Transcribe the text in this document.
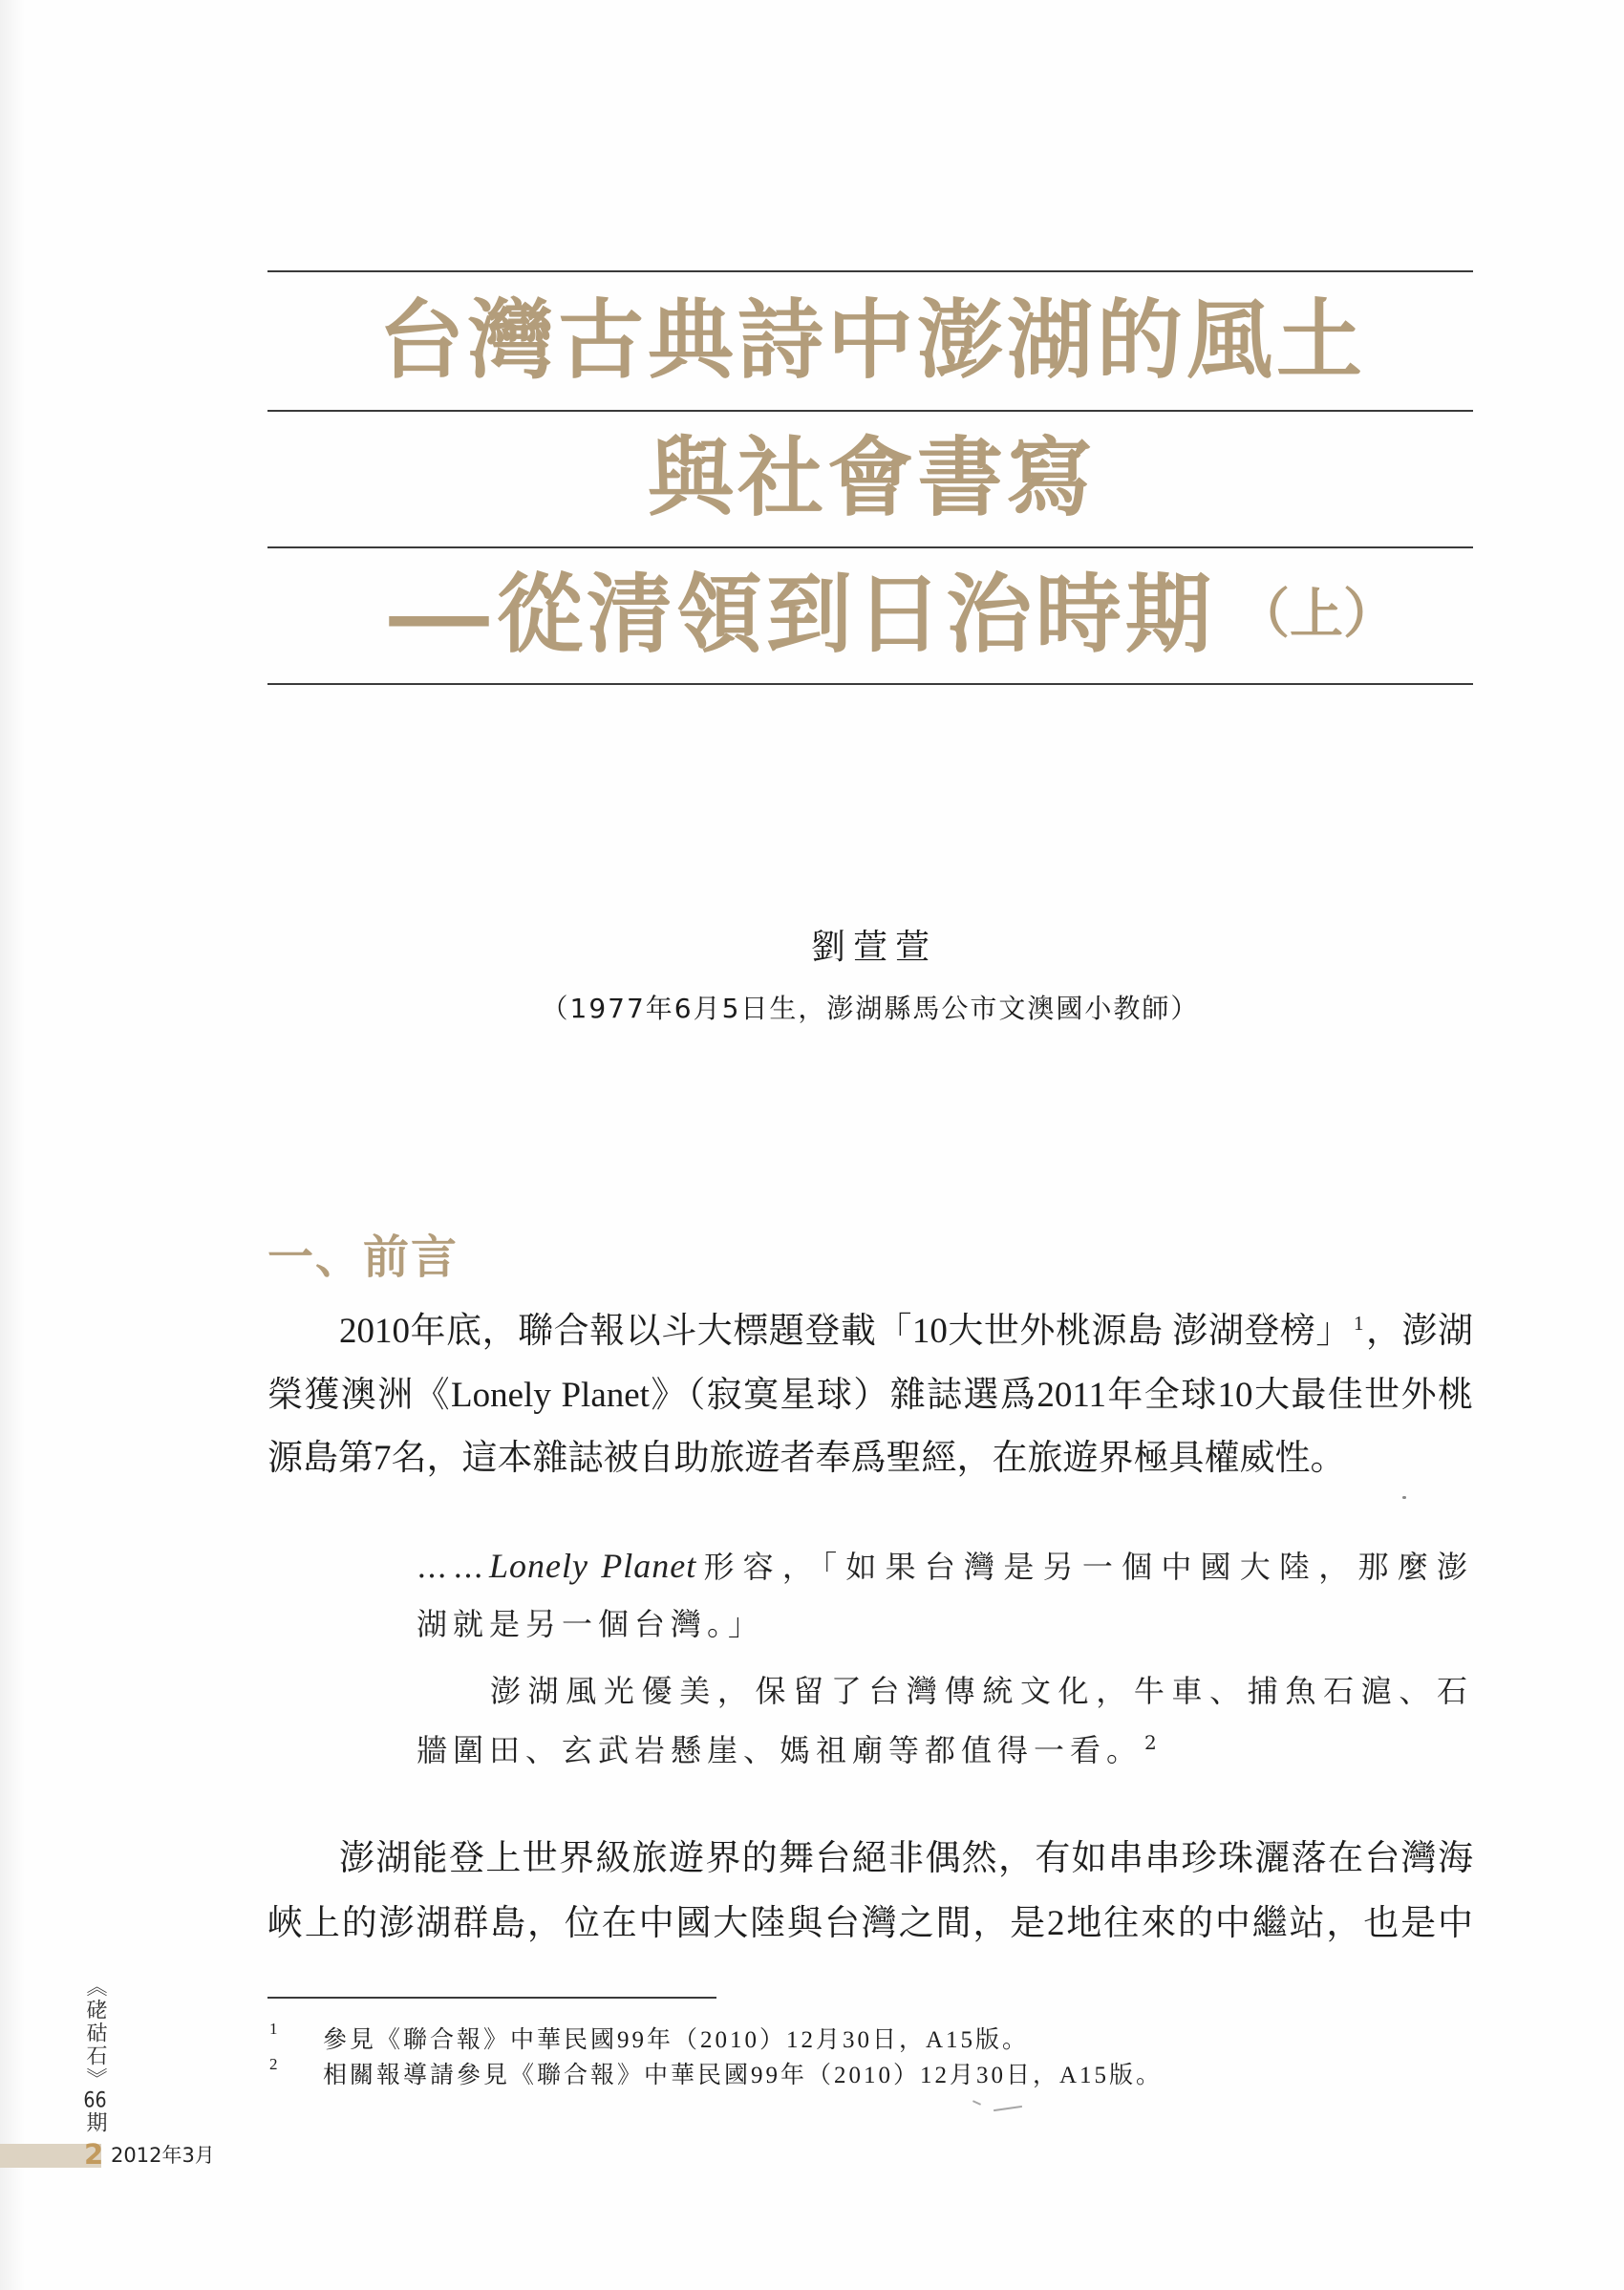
台灣古典詩中澎湖的風土
與社會書寫
—從清領到日治時期 （上）
劉萱萱
（1977年6月5日生，澎湖縣馬公市文澳國小教師）
一、前言
2010年底，聯合報以斗大標題登載「10大世外桃源島 澎湖登榜」$^1$，澎湖
榮獲澳洲《Lonely Planet》（寂寞星球）雜誌選爲2011年全球10大最佳世外桃
源島第7名，這本雜誌被自助旅遊者奉爲聖經，在旅遊界極具權威性。
……Lonely Planet 形容，「如果台灣是另一個中國大陸，那麼澎
湖就是另一個台灣。」
澎湖風光優美，保留了台灣傳統文化，牛車、捕魚石滬、石
牆圍田、玄武岩懸崖、媽祖廟等都值得一看。 $^2$
澎湖能登上世界級旅遊界的舞台絕非偶然，有如串串珍珠灑落在台灣海
峽上的澎湖群島，位在中國大陸與台灣之間，是2地往來的中繼站，也是中
1 參見《聯合報》中華民國99年（2010）12月30日，A15版。
2 相關報導請參見《聯合報》中華民國99年（2010）12月30日，A15版。
《硓𥑮石》66期
2 2012年3月
